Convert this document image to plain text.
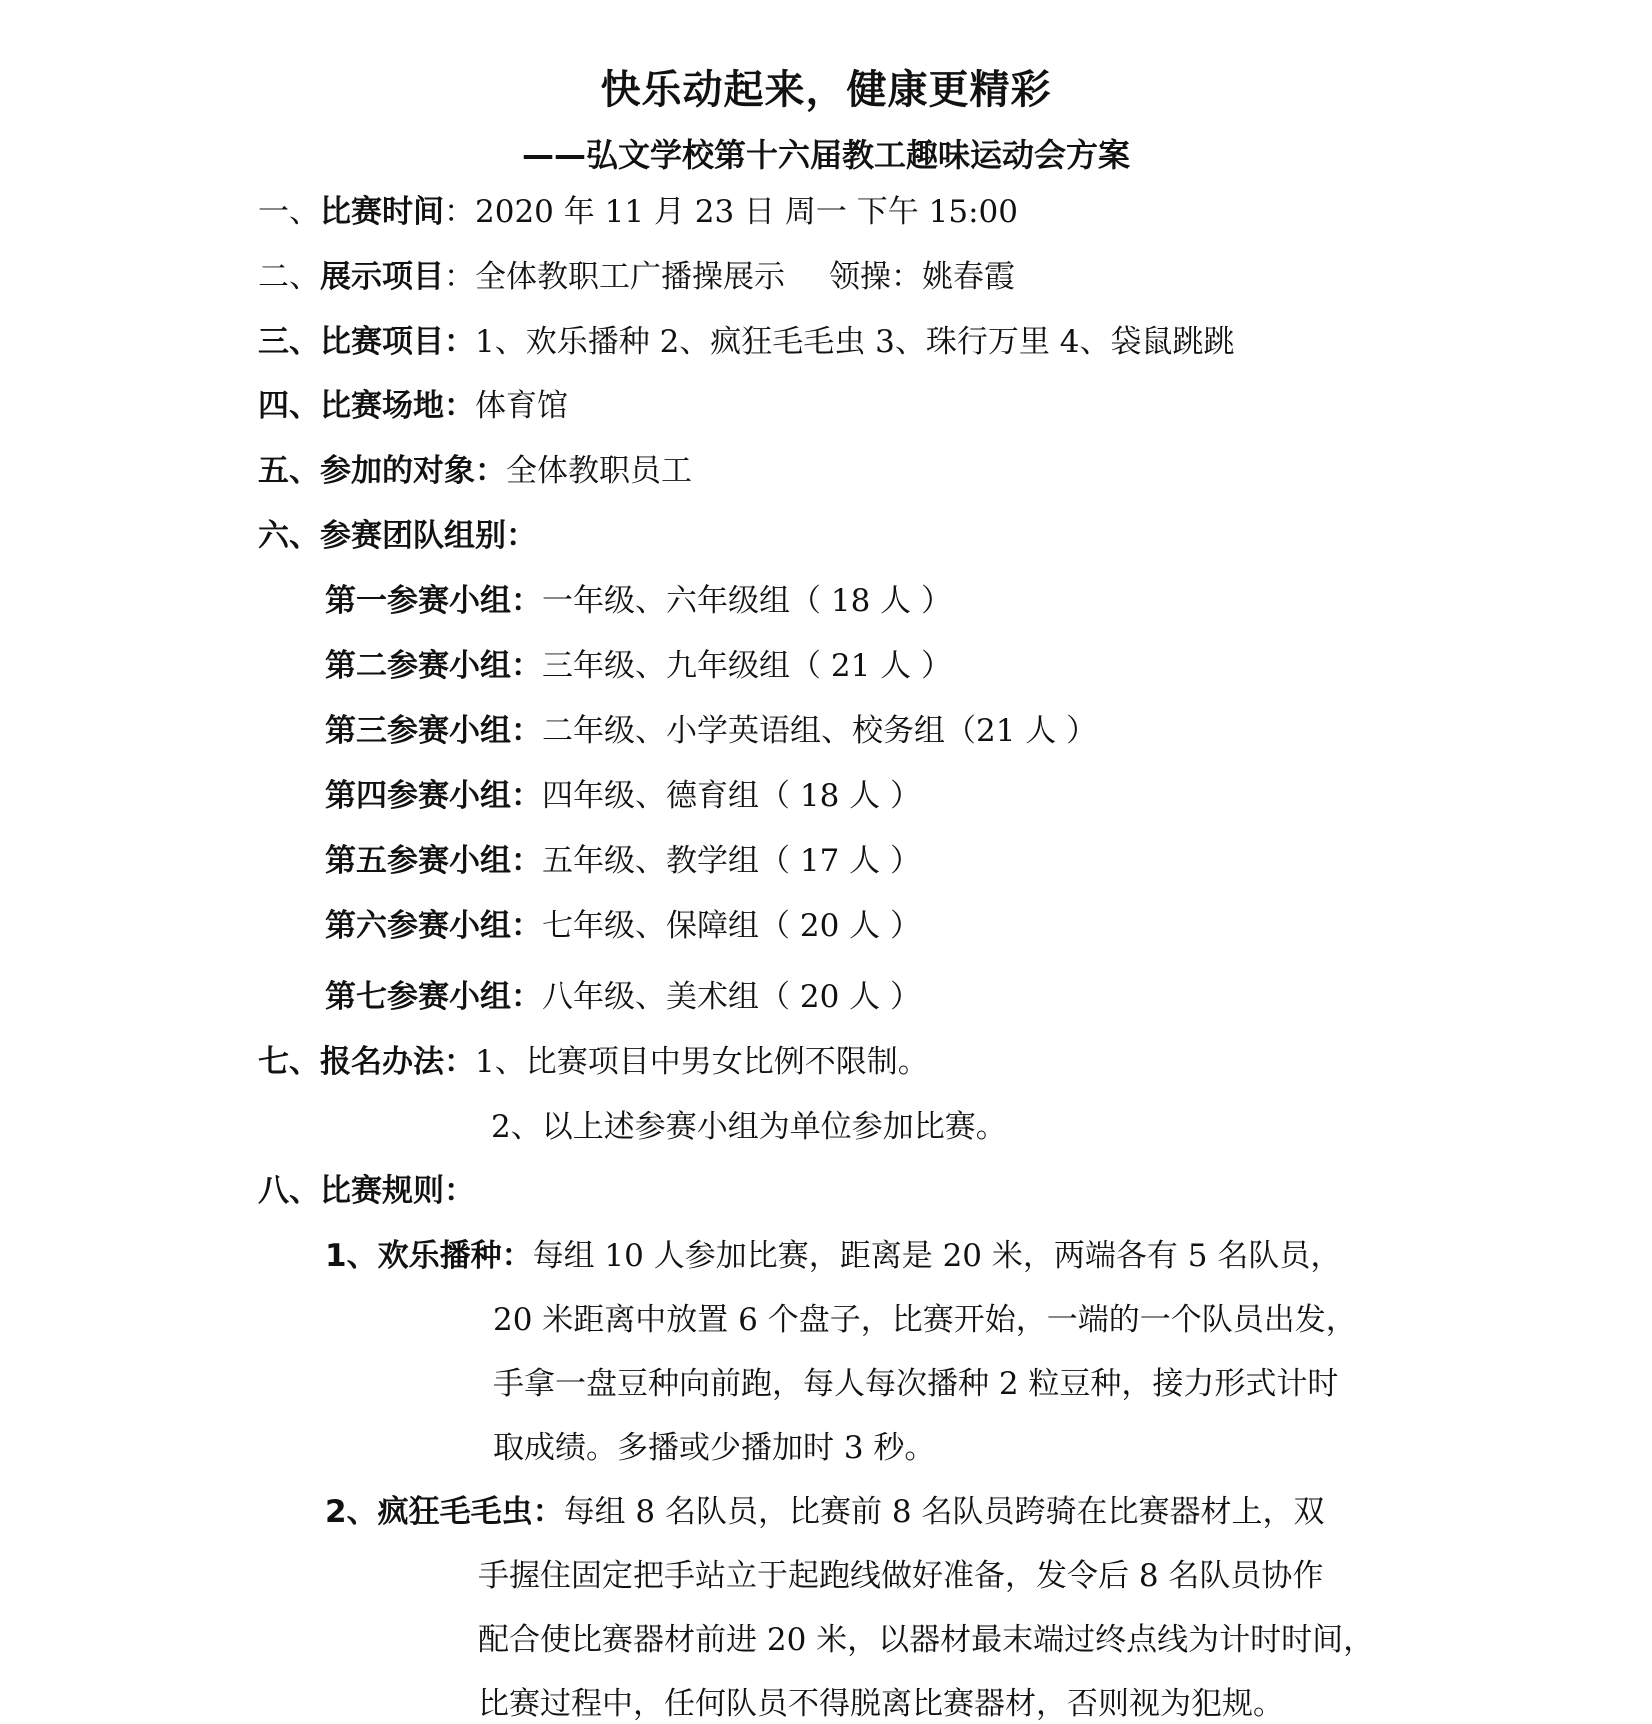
快乐动起来，健康更精彩
——弘文学校第十六届教工趣味运动会方案
一、比赛时间：2020 年 11 月 23 日 周一 下午 15:00
二、展示项目：全体教职工广播操展示 领操：姚春霞
三、比赛项目：1、欢乐播种 2、疯狂毛毛虫 3、珠行万里 4、袋鼠跳跳
四、比赛场地：体育馆
五、参加的对象：全体教职员工
六、参赛团队组别：
第一参赛小组：一年级、六年级组（ 18 人 ）
第二参赛小组：三年级、九年级组（ 21 人 ）
第三参赛小组：二年级、小学英语组、校务组（21 人 ）
第四参赛小组：四年级、德育组（ 18 人 ）
第五参赛小组：五年级、教学组（ 17 人 ）
第六参赛小组：七年级、保障组（ 20 人 ）
第七参赛小组：八年级、美术组（ 20 人 ）
七、报名办法：1、比赛项目中男女比例不限制。
2、以上述参赛小组为单位参加比赛。
八、比赛规则：
1、欢乐播种：每组 10 人参加比赛，距离是 20 米，两端各有 5 名队员，
20 米距离中放置 6 个盘子，比赛开始，一端的一个队员出发，
手拿一盘豆种向前跑，每人每次播种 2 粒豆种，接力形式计时
取成绩。多播或少播加时 3 秒。
2、疯狂毛毛虫：每组 8 名队员，比赛前 8 名队员跨骑在比赛器材上，双
手握住固定把手站立于起跑线做好准备，发令后 8 名队员协作
配合使比赛器材前进 20 米，以器材最末端过终点线为计时时间，
比赛过程中，任何队员不得脱离比赛器材，否则视为犯规。
